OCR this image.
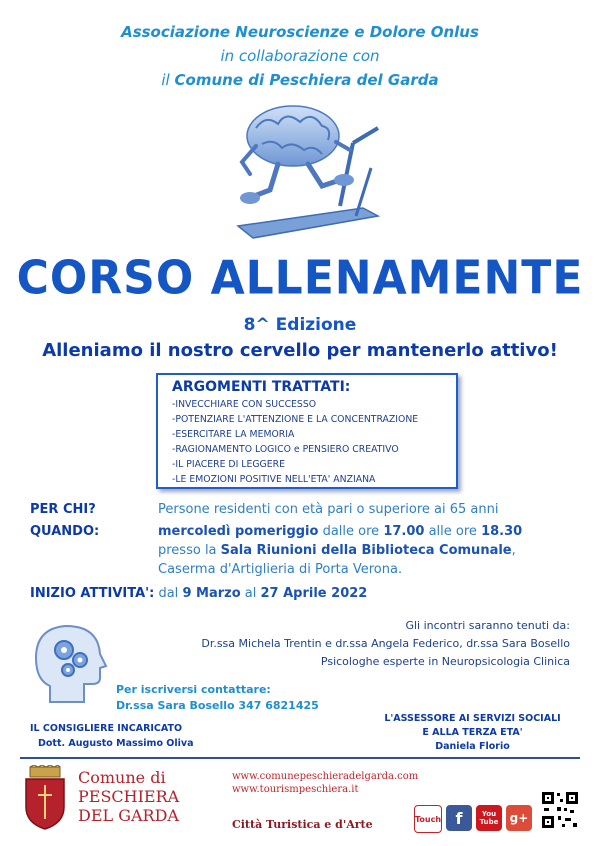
Associazione Neuroscienze e Dolore Onlus
in collaborazione con
il Comune di Peschiera del Garda
CORSO ALLENAMENTE
8^ Edizione
Alleniamo il nostro cervello per mantenerlo attivo!
ARGOMENTI TRATTATI:
-INVECCHIARE CON SUCCESSO
-POTENZIARE L'ATTENZIONE E LA CONCENTRAZIONE
-ESERCITARE LA MEMORIA
-RAGIONAMENTO LOGICO e PENSIERO CREATIVO
-IL PIACERE DI LEGGERE
-LE EMOZIONI POSITIVE NELL'ETA' ANZIANA
PER CHI?	Persone residenti con età pari o superiore ai 65 anni
QUANDO:	mercoledì pomeriggio dalle ore 17.00 alle ore 18.30
presso la Sala Riunioni della Biblioteca Comunale,
Caserma d'Artiglieria di Porta Verona.
INIZIO ATTIVITA': dal 9 Marzo al 27 Aprile 2022
Gli incontri saranno tenuti da:
Dr.ssa Michela Trentin e dr.ssa Angela Federico, dr.ssa Sara Bosello
Psicologhe esperte in Neuropsicologia Clinica
Per iscriversi contattare:
Dr.ssa Sara Bosello 347 6821425
IL CONSIGLIERE INCARICATO
Dott. Augusto Massimo Oliva
L'ASSESSORE AI SERVIZI SOCIALI
E ALLA TERZA ETA'
Daniela Florio
Comune di
PESCHIERA
DEL GARDA
www.comunepeschieradelgarda.com
www.tourismpeschiera.it
Città Turistica e d'Arte	Touch f	You Tube g+
